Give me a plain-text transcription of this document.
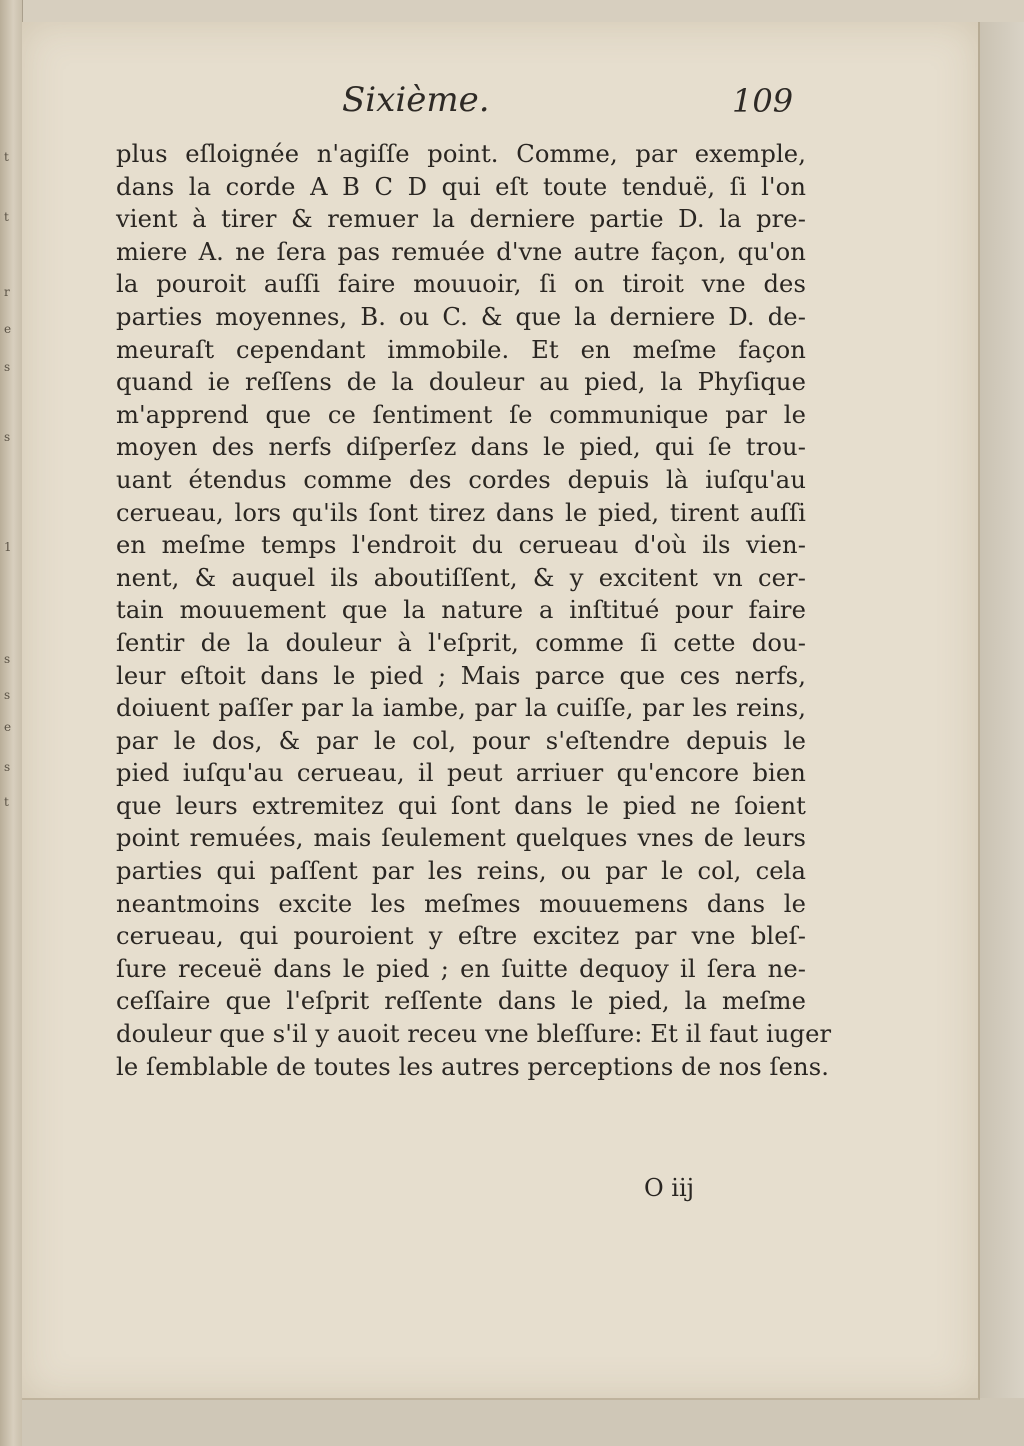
t
t
r
e
s
s
1
s
s
e
s
t
Sixième.	109
plus eſloignée n'agiſſe point. Comme, par exemple,
dans la corde A B C D qui eſt toute tenduë, ſi l'on
vient à tirer & remuer la derniere partie D. la pre-
miere A. ne ſera pas remuée d'vne autre façon, qu'on
la pouroit auſſi faire mouuoir, ſi on tiroit vne des
parties moyennes, B. ou C. & que la derniere D. de-
meuraſt cependant immobile. Et en meſme façon
quand ie reſſens de la douleur au pied, la Phyſique
m'apprend que ce ſentiment ſe communique par le
moyen des nerfs diſperſez dans le pied, qui ſe trou-
uant étendus comme des cordes depuis là iuſqu'au
cerueau, lors qu'ils ſont tirez dans le pied, tirent auſſi
en meſme temps l'endroit du cerueau d'où ils vien-
nent, & auquel ils aboutiſſent, & y excitent vn cer-
tain mouuement que la nature a inſtitué pour faire
ſentir de la douleur à l'eſprit, comme ſi cette dou-
leur eſtoit dans le pied ; Mais parce que ces nerfs,
doiuent paſſer par la iambe, par la cuiſſe, par les reins,
par le dos, & par le col, pour s'eſtendre depuis le
pied iuſqu'au cerueau, il peut arriuer qu'encore bien
que leurs extremitez qui ſont dans le pied ne ſoient
point remuées, mais ſeulement quelques vnes de leurs
parties qui paſſent par les reins, ou par le col, cela
neantmoins excite les meſmes mouuemens dans le
cerueau, qui pouroient y eſtre excitez par vne bleſ-
ſure receuë dans le pied ; en ſuitte dequoy il ſera ne-
ceſſaire que l'eſprit reſſente dans le pied, la meſme
douleur que s'il y auoit receu vne bleſſure: Et il faut iuger
le ſemblable de toutes les autres perceptions de nos ſens.
O iij
